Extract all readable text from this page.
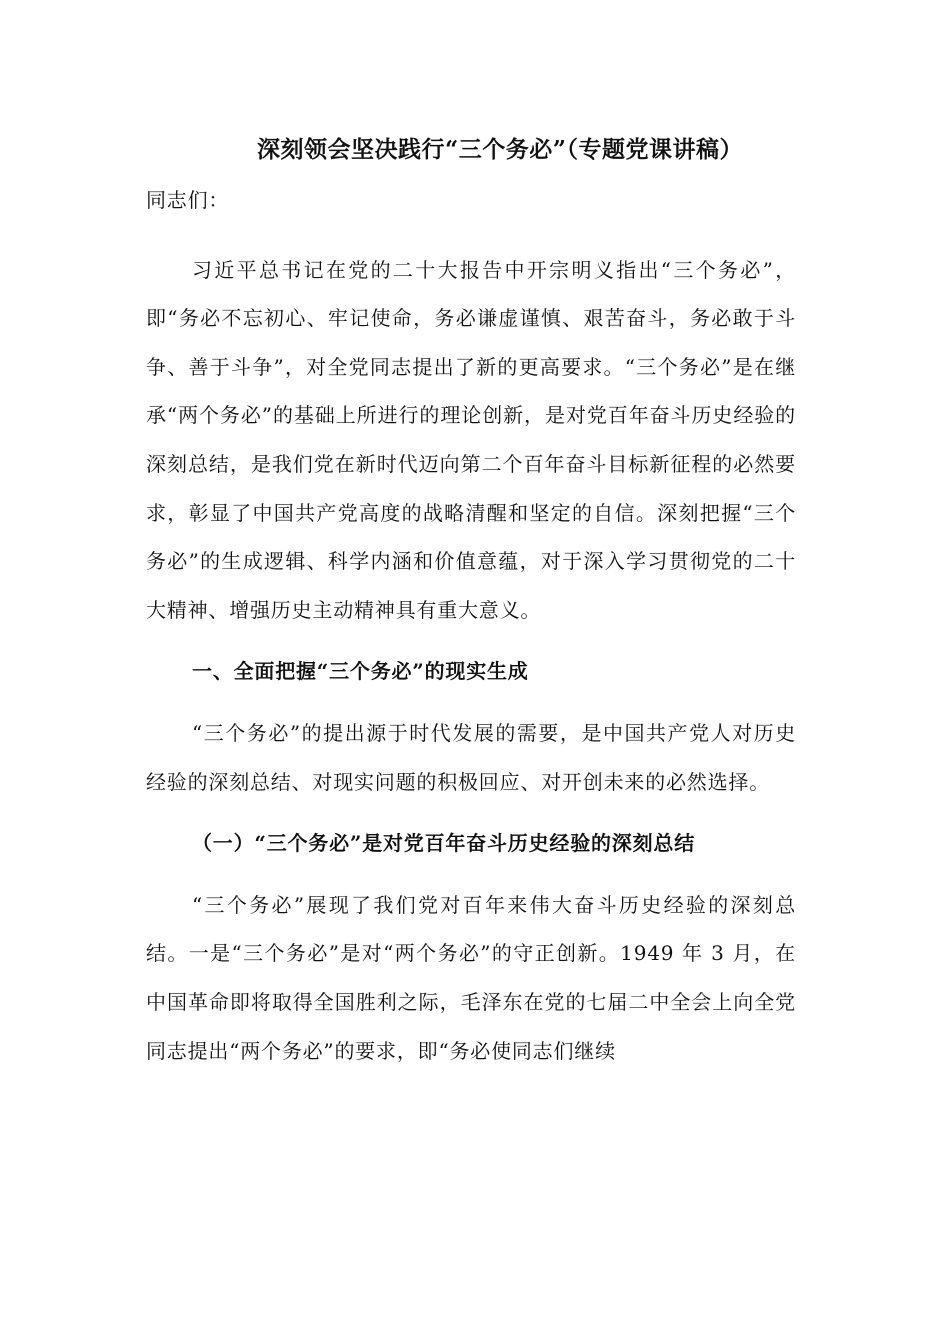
深刻领会坚决践行“三个务必”（专题党课讲稿）

同志们：

习近平总书记在党的二十大报告中开宗明义指出“三个务必”，即“务必不忘初心、牢记使命，务必谦虚谨慎、艰苦奋斗，务必敢于斗争、善于斗争”，对全党同志提出了新的更高要求。“三个务必”是在继承“两个务必”的基础上所进行的理论创新，是对党百年奋斗历史经验的深刻总结，是我们党在新时代迈向第二个百年奋斗目标新征程的必然要求，彰显了中国共产党高度的战略清醒和坚定的自信。深刻把握“三个务必”的生成逻辑、科学内涵和价值意蕴，对于深入学习贯彻党的二十大精神、增强历史主动精神具有重大意义。

一、全面把握“三个务必”的现实生成

“三个务必”的提出源于时代发展的需要，是中国共产党人对历史经验的深刻总结、对现实问题的积极回应、对开创未来的必然选择。

（一）“三个务必”是对党百年奋斗历史经验的深刻总结

“三个务必”展现了我们党对百年来伟大奋斗历史经验的深刻总结。一是“三个务必”是对“两个务必”的守正创新。1949 年 3 月，在中国革命即将取得全国胜利之际，毛泽东在党的七届二中全会上向全党同志提出“两个务必”的要求，即“务必使同志们继续
